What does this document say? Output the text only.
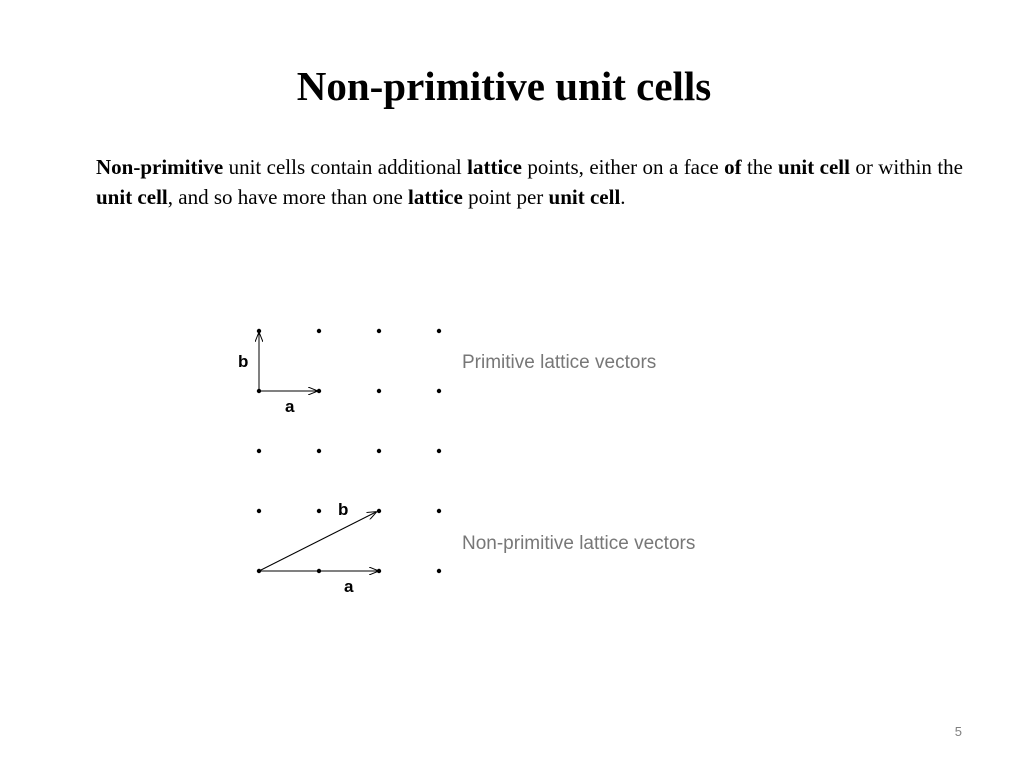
Non-primitive unit cells

Non-primitive unit cells contain additional lattice points, either on a face of the unit cell or within the unit cell, and so have more than one lattice point per unit cell.

b
a
Primitive lattice vectors
b
a
Non-primitive lattice vectors
5
